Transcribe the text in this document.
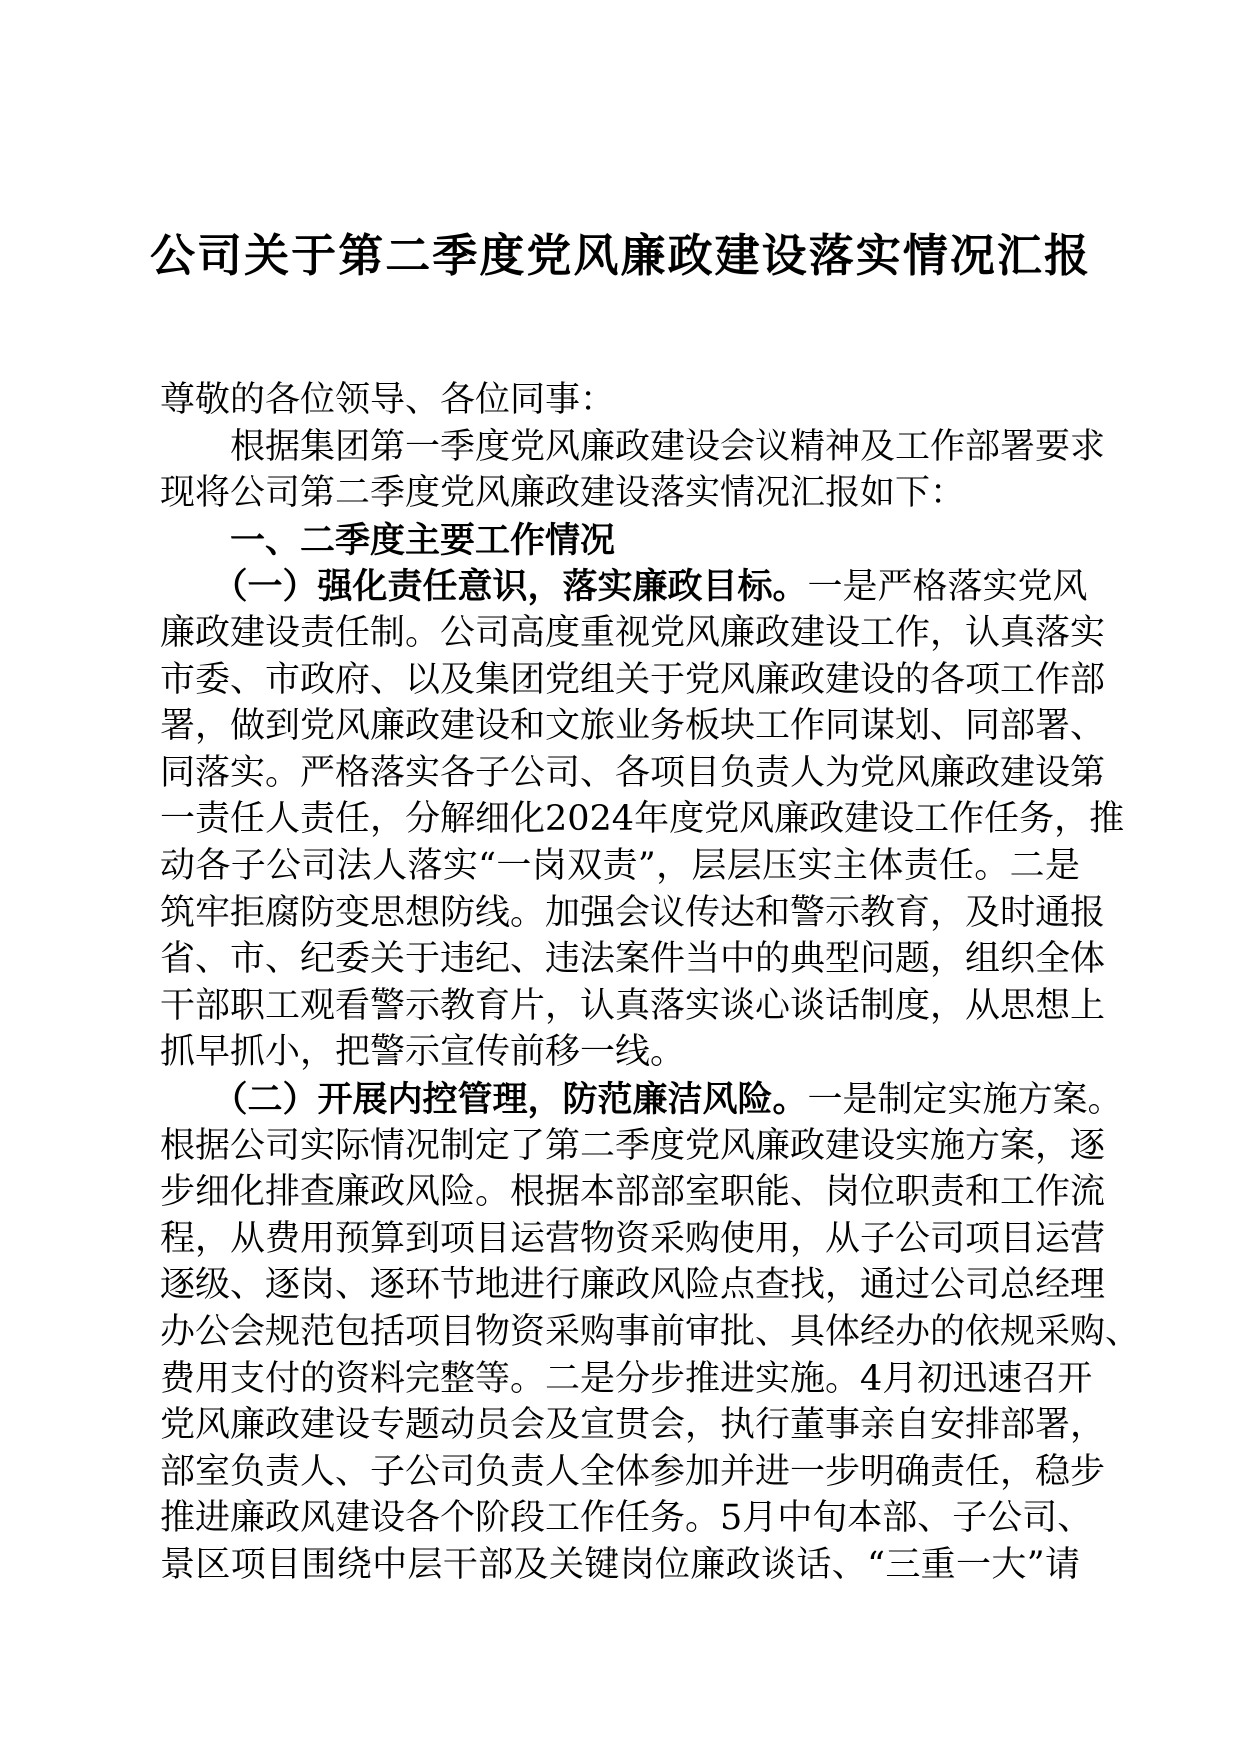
公司关于第二季度党风廉政建设落实情况汇报
尊敬的各位领导、各位同事：
　　根据集团第一季度党风廉政建设会议精神及工作部署要求
现将公司第二季度党风廉政建设落实情况汇报如下：
　　一、二季度主要工作情况
　　（一）强化责任意识，落实廉政目标。一是严格落实党风
廉政建设责任制。公司高度重视党风廉政建设工作，认真落实
市委、市政府、以及集团党组关于党风廉政建设的各项工作部
署，做到党风廉政建设和文旅业务板块工作同谋划、同部署、
同落实。严格落实各子公司、各项目负责人为党风廉政建设第
一责任人责任，分解细化2024年度党风廉政建设工作任务，推
动各子公司法人落实“一岗双责”，层层压实主体责任。二是
筑牢拒腐防变思想防线。加强会议传达和警示教育，及时通报
省、市、纪委关于违纪、违法案件当中的典型问题，组织全体
干部职工观看警示教育片，认真落实谈心谈话制度，从思想上
抓早抓小，把警示宣传前移一线。
　　（二）开展内控管理，防范廉洁风险。一是制定实施方案。
根据公司实际情况制定了第二季度党风廉政建设实施方案，逐
步细化排查廉政风险。根据本部部室职能、岗位职责和工作流
程，从费用预算到项目运营物资采购使用，从子公司项目运营
逐级、逐岗、逐环节地进行廉政风险点查找，通过公司总经理
办公会规范包括项目物资采购事前审批、具体经办的依规采购、
费用支付的资料完整等。二是分步推进实施。4月初迅速召开
党风廉政建设专题动员会及宣贯会，执行董事亲自安排部署，
部室负责人、子公司负责人全体参加并进一步明确责任，稳步
推进廉政风建设各个阶段工作任务。5月中旬本部、子公司、
景区项目围绕中层干部及关键岗位廉政谈话、“三重一大”请
